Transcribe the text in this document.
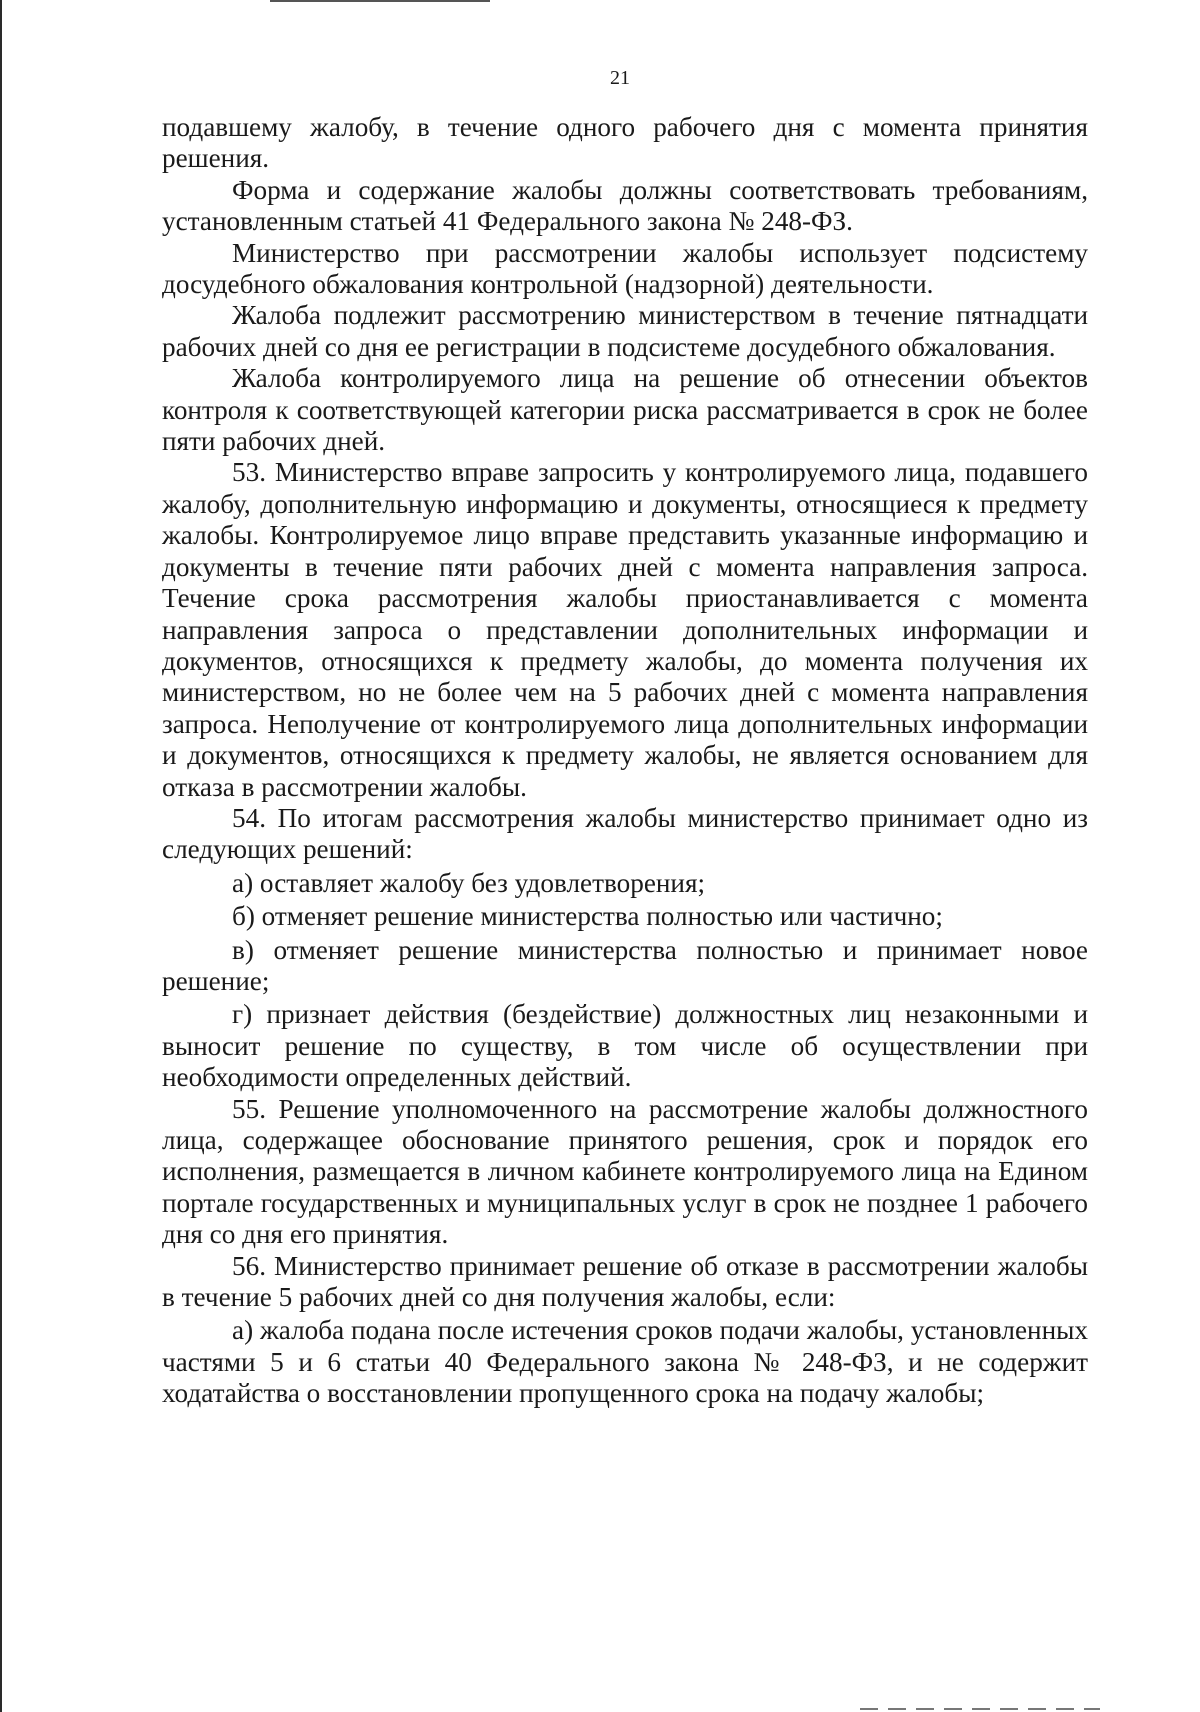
21

подавшему жалобу, в течение одного рабочего дня с момента принятия решения.

Форма и содержание жалобы должны соответствовать требованиям, установленным статьей 41 Федерального закона № 248-ФЗ.

Министерство при рассмотрении жалобы использует подсистему досудебного обжалования контрольной (надзорной) деятельности.

Жалоба подлежит рассмотрению министерством в течение пятнадцати рабочих дней со дня ее регистрации в подсистеме досудебного обжалования.

Жалоба контролируемого лица на решение об отнесении объектов контроля к соответствующей категории риска рассматривается в срок не более пяти рабочих дней.

53. Министерство вправе запросить у контролируемого лица, подавшего жалобу, дополнительную информацию и документы, относящиеся к предмету жалобы. Контролируемое лицо вправе представить указанные информацию и документы в течение пяти рабочих дней с момента направления запроса. Течение срока рассмотрения жалобы приостанавливается с момента направления запроса о представлении дополнительных информации и документов, относящихся к предмету жалобы, до момента получения их министерством, но не более чем на 5 рабочих дней с момента направления запроса. Неполучение от контролируемого лица дополнительных информации и документов, относящихся к предмету жалобы, не является основанием для отказа в рассмотрении жалобы.

54. По итогам рассмотрения жалобы министерство принимает одно из следующих решений:

а) оставляет жалобу без удовлетворения;

б) отменяет решение министерства полностью или частично;

в) отменяет решение министерства полностью и принимает новое решение;

г) признает действия (бездействие) должностных лиц незаконными и выносит решение по существу, в том числе об осуществлении при необходимости определенных действий.

55. Решение уполномоченного на рассмотрение жалобы должностного лица, содержащее обоснование принятого решения, срок и порядок его исполнения, размещается в личном кабинете контролируемого лица на Едином портале государственных и муниципальных услуг в срок не позднее 1 рабочего дня со дня его принятия.

56. Министерство принимает решение об отказе в рассмотрении жалобы в течение 5 рабочих дней со дня получения жалобы, если:

а) жалоба подана после истечения сроков подачи жалобы, установленных частями 5 и 6 статьи 40 Федерального закона № 248-ФЗ, и не содержит ходатайства о восстановлении пропущенного срока на подачу жалобы;
